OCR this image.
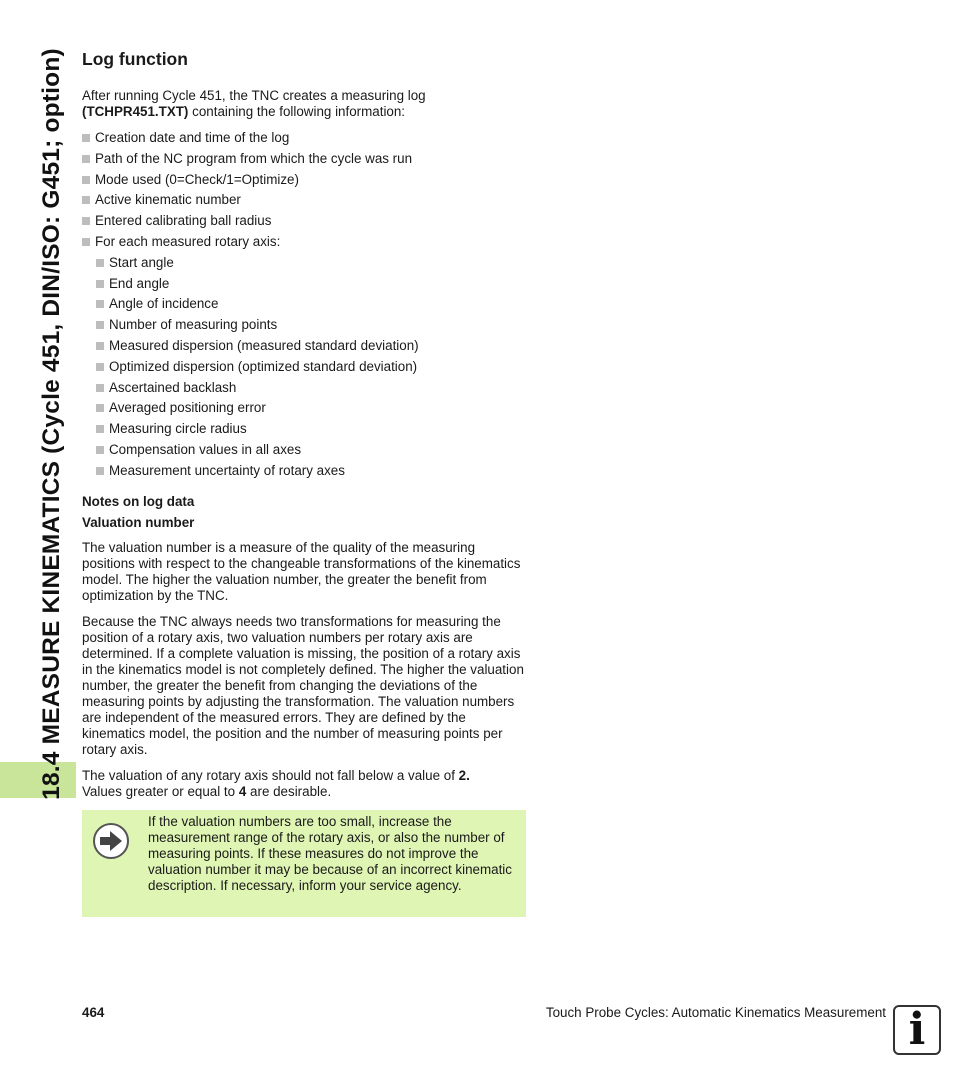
18.4 MEASURE KINEMATICS (Cycle 451, DIN/ISO: G451; option) Log function

After running Cycle 451, the TNC creates a measuring log
(TCHPR451.TXT) containing the following information:

Creation date and time of the log
Path of the NC program from which the cycle was run
Mode used (0=Check/1=Optimize)
Active kinematic number
Entered calibrating ball radius
For each measured rotary axis:
Start angle
End angle
Angle of incidence
Number of measuring points
Measured dispersion (measured standard deviation)
Optimized dispersion (optimized standard deviation)
Ascertained backlash
Averaged positioning error
Measuring circle radius
Compensation values in all axes
Measurement uncertainty of rotary axes
Notes on log data
Valuation number

The valuation number is a measure of the quality of the measuring positions with respect to the changeable transformations of the kinematics model. The higher the valuation number, the greater the benefit from optimization by the TNC.

Because the TNC always needs two transformations for measuring the position of a rotary axis, two valuation numbers per rotary axis are determined. If a complete valuation is missing, the position of a rotary axis in the kinematics model is not completely defined. The higher the valuation number, the greater the benefit from changing the deviations of the measuring points by adjusting the transformation. The valuation numbers are independent of the measured errors. They are defined by the kinematics model, the position and the number of measuring points per rotary axis.

The valuation of any rotary axis should not fall below a value of 2.
Values greater or equal to 4 are desirable.

If the valuation numbers are too small, increase the measurement range of the rotary axis, or also the number of measuring points. If these measures do not improve the valuation number it may be because of an incorrect kinematic description. If necessary, inform your service agency.
464	Touch Probe Cycles: Automatic Kinematics Measurement i
